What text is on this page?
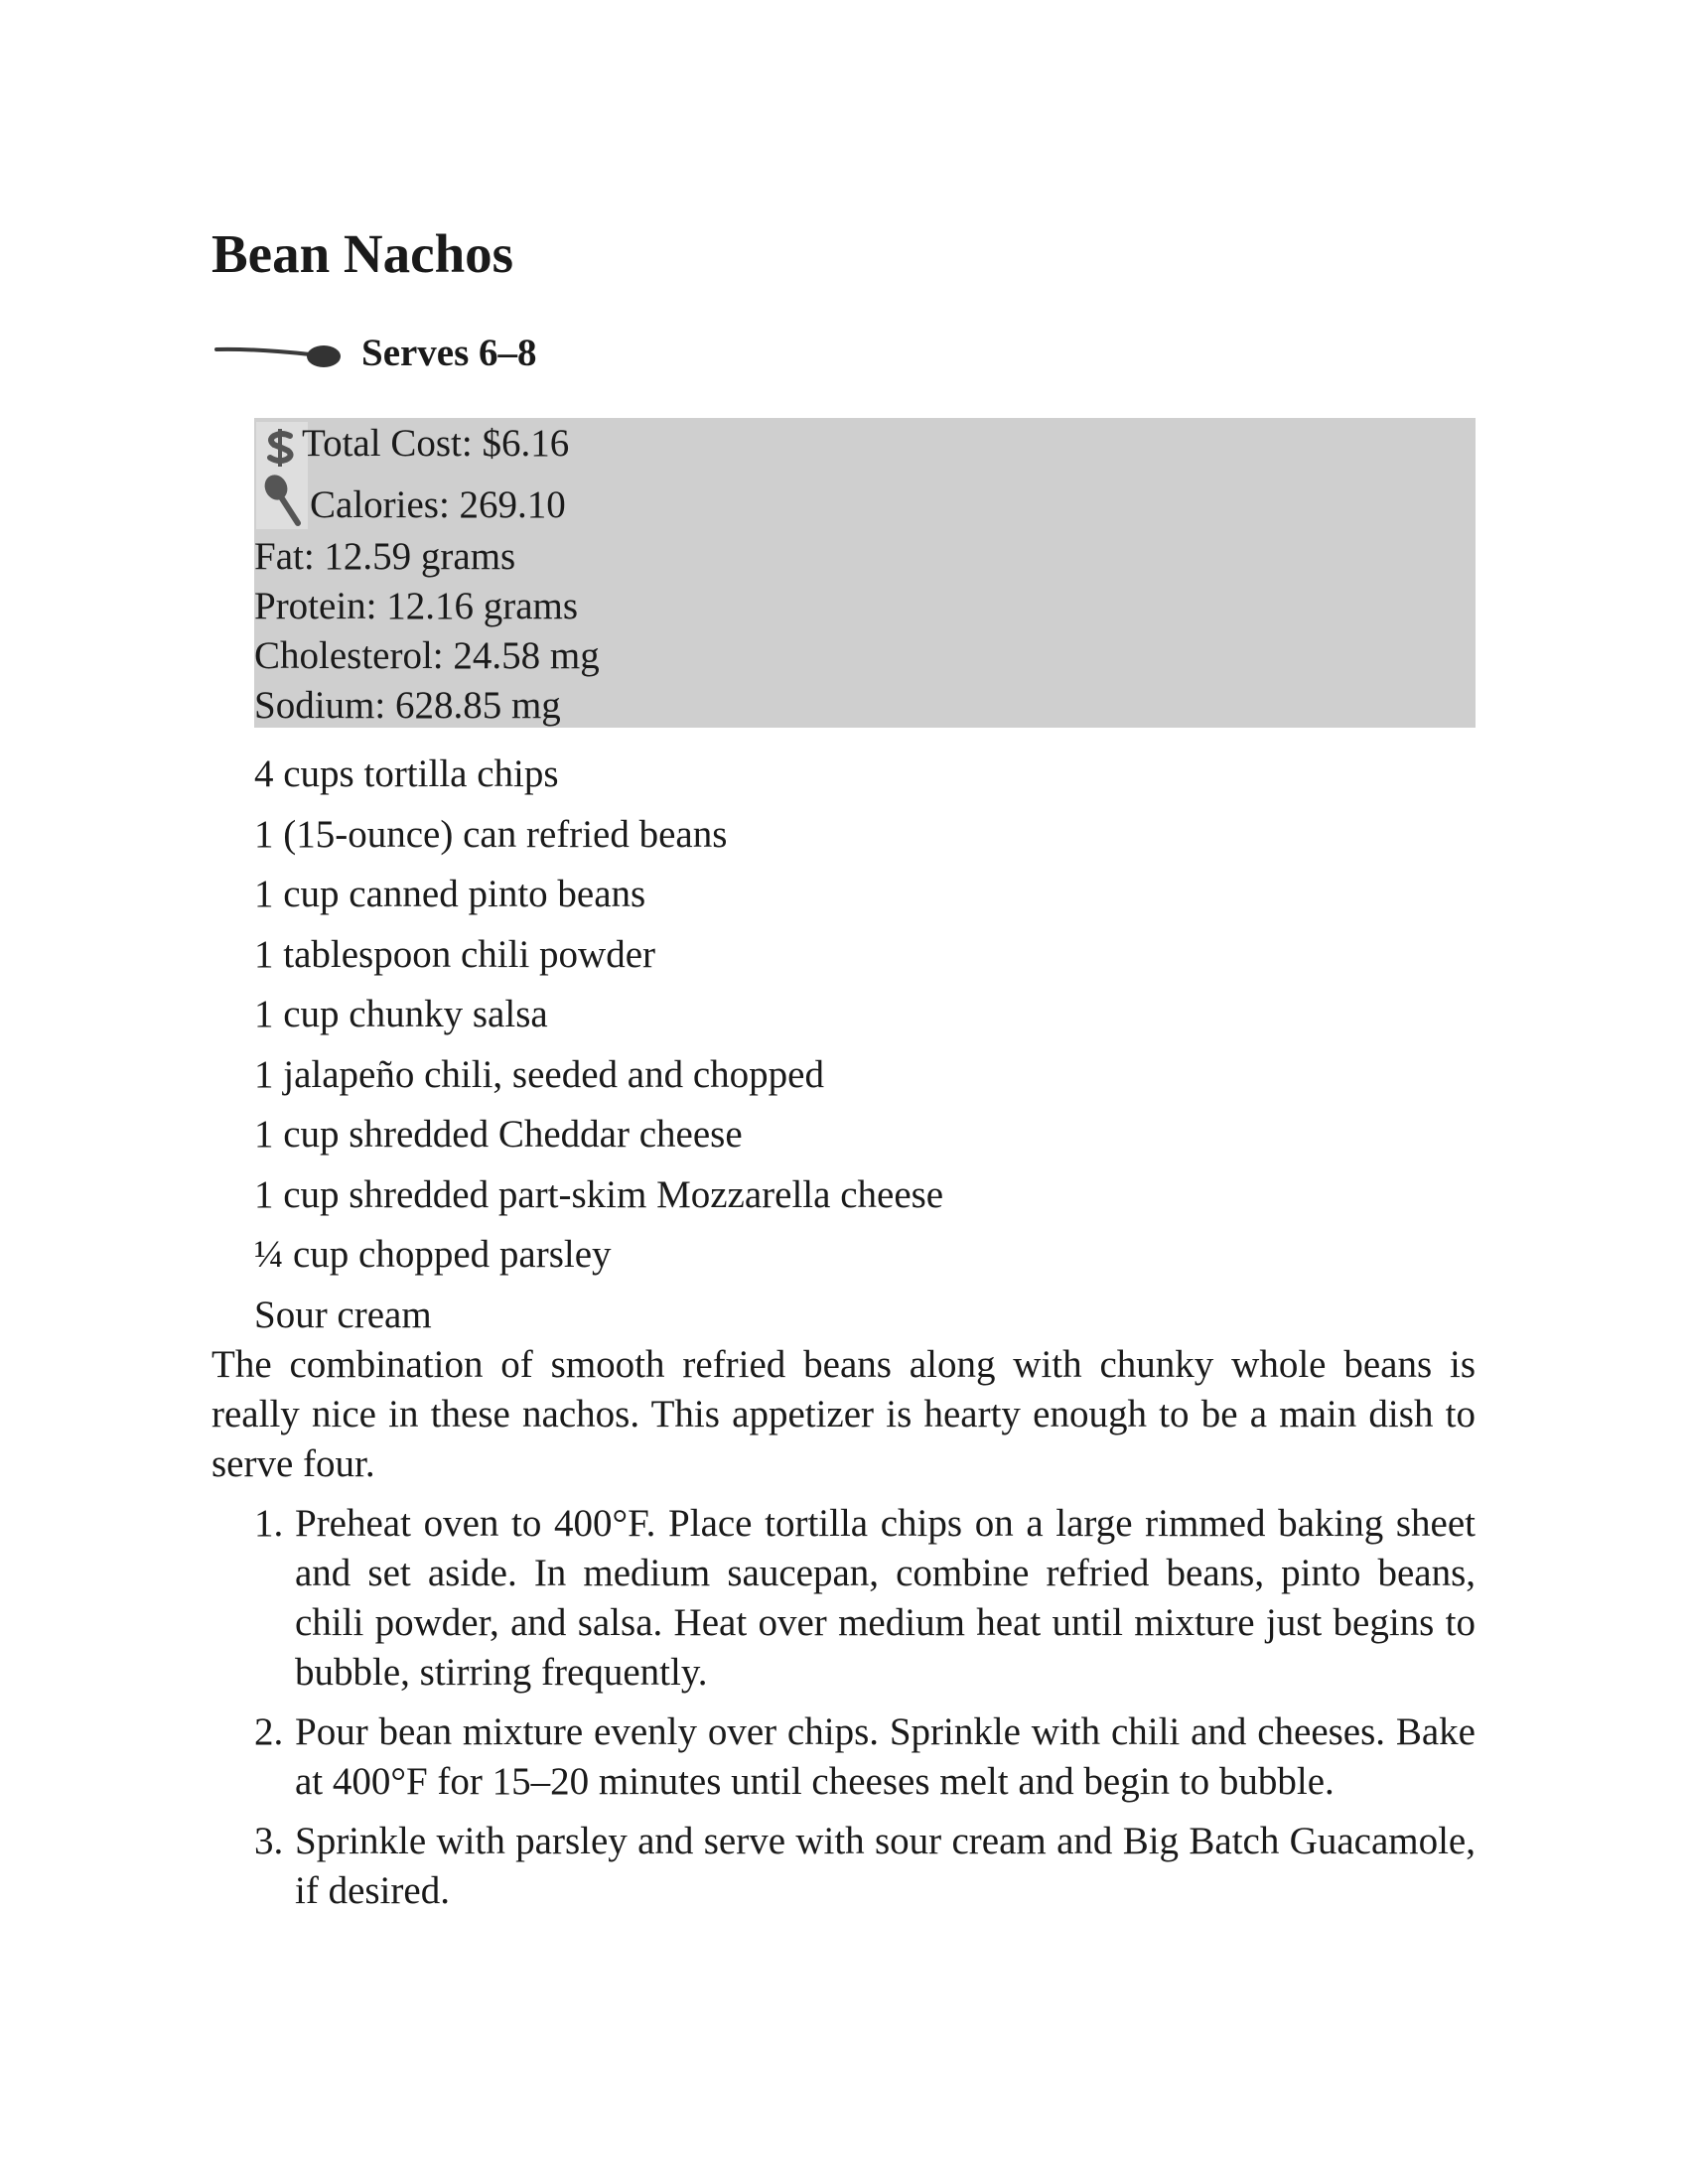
Bean Nachos
Serves 6–8
Total Cost: $6.16
Calories: 269.10
Fat: 12.59 grams
Protein: 12.16 grams
Cholesterol: 24.58 mg
Sodium: 628.85 mg
4 cups tortilla chips
1 (15-ounce) can refried beans
1 cup canned pinto beans
1 tablespoon chili powder
1 cup chunky salsa
1 jalapeño chili, seeded and chopped
1 cup shredded Cheddar cheese
1 cup shredded part-skim Mozzarella cheese
¼ cup chopped parsley
Sour cream

The combination of smooth refried beans along with chunky whole beans is really nice in these nachos. This appetizer is hearty enough to be a main dish to serve four.

1. Preheat oven to 400°F. Place tortilla chips on a large rimmed baking sheet and set aside. In medium saucepan, combine refried beans, pinto beans, chili powder, and salsa. Heat over medium heat until mixture just begins to bubble, stirring frequently.
2. Pour bean mixture evenly over chips. Sprinkle with chili and cheeses. Bake at 400°F for 15–20 minutes until cheeses melt and begin to bubble.
3. Sprinkle with parsley and serve with sour cream and Big Batch Guacamole, if desired.
